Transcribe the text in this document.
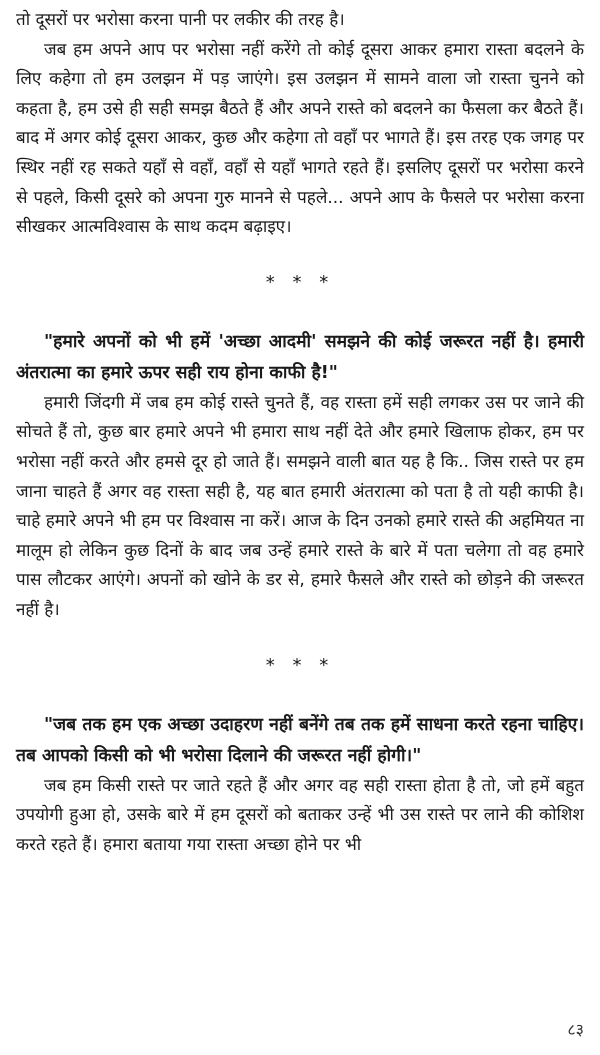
तो दूसरों पर भरोसा करना पानी पर लकीर की तरह है।

जब हम अपने आप पर भरोसा नहीं करेंगे तो कोई दूसरा आकर हमारा रास्ता बदलने के लिए कहेगा तो हम उलझन में पड़ जाएंगे। इस उलझन में सामने वाला जो रास्ता चुनने को कहता है, हम उसे ही सही समझ बैठते हैं और अपने रास्ते को बदलने का फैसला कर बैठते हैं। बाद में अगर कोई दूसरा आकर, कुछ और कहेगा तो वहाँ पर भागते हैं। इस तरह एक जगह पर स्थिर नहीं रह सकते यहाँ से वहाँ, वहाँ से यहाँ भागते रहते हैं। इसलिए दूसरों पर भरोसा करने से पहले, किसी दूसरे को अपना गुरु मानने से पहले... अपने आप के फैसले पर भरोसा करना सीखकर आत्मविश्वास के साथ कदम बढ़ाइए।

* * *

"हमारे अपनों को भी हमें 'अच्छा आदमी' समझने की कोई जरूरत नहीं है। हमारी अंतरात्मा का हमारे ऊपर सही राय होना काफी है!"

हमारी जिंदगी में जब हम कोई रास्ते चुनते हैं, वह रास्ता हमें सही लगकर उस पर जाने की सोचते हैं तो, कुछ बार हमारे अपने भी हमारा साथ नहीं देते और हमारे खिलाफ होकर, हम पर भरोसा नहीं करते और हमसे दूर हो जाते हैं। समझने वाली बात यह है कि.. जिस रास्ते पर हम जाना चाहते हैं अगर वह रास्ता सही है, यह बात हमारी अंतरात्मा को पता है तो यही काफी है। चाहे हमारे अपने भी हम पर विश्वास ना करें। आज के दिन उनको हमारे रास्ते की अहमियत ना मालूम हो लेकिन कुछ दिनों के बाद जब उन्हें हमारे रास्ते के बारे में पता चलेगा तो वह हमारे पास लौटकर आएंगे। अपनों को खोने के डर से, हमारे फैसले और रास्ते को छोड़ने की जरूरत नहीं है।

* * *

"जब तक हम एक अच्छा उदाहरण नहीं बनेंगे तब तक हमें साधना करते रहना चाहिए। तब आपको किसी को भी भरोसा दिलाने की जरूरत नहीं होगी।"

जब हम किसी रास्ते पर जाते रहते हैं और अगर वह सही रास्ता होता है तो, जो हमें बहुत उपयोगी हुआ हो, उसके बारे में हम दूसरों को बताकर उन्हें भी उस रास्ते पर लाने की कोशिश करते रहते हैं। हमारा बताया गया रास्ता अच्छा होने पर भी

८३
